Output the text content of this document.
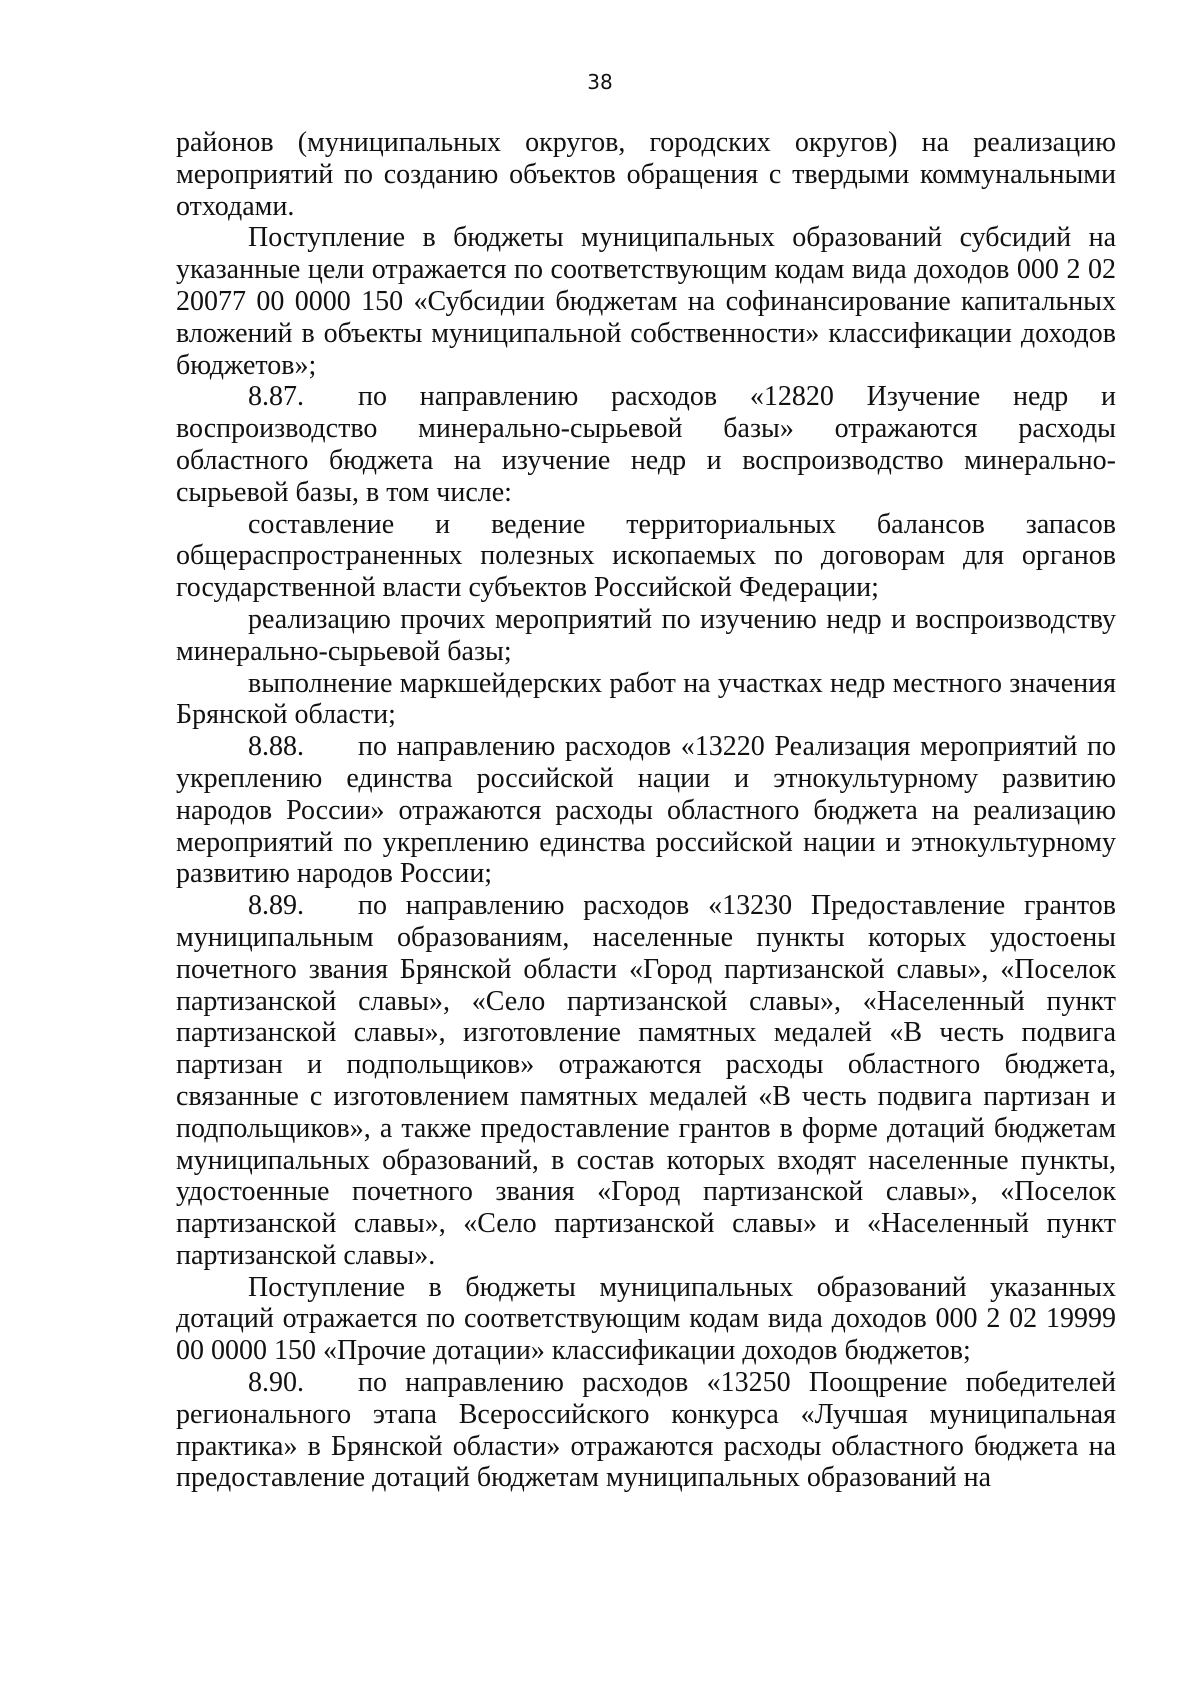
38

районов (муниципальных округов, городских округов) на реализацию мероприятий по созданию объектов обращения с твердыми коммунальными отходами.

Поступление в бюджеты муниципальных образований субсидий на указанные цели отражается по соответствующим кодам вида доходов 000 2 02 20077 00 0000 150 «Субсидии бюджетам на софинансирование капитальных вложений в объекты муниципальной собственности» классификации доходов бюджетов»;

8.87. по направлению расходов «12820 Изучение недр и воспроизводство минерально-сырьевой базы» отражаются расходы областного бюджета на изучение недр и воспроизводство минерально-сырьевой базы, в том числе:

составление и ведение территориальных балансов запасов общераспространенных полезных ископаемых по договорам для органов государственной власти субъектов Российской Федерации;

реализацию прочих мероприятий по изучению недр и воспроизводству минерально-сырьевой базы;

выполнение маркшейдерских работ на участках недр местного значения Брянской области;

8.88. по направлению расходов «13220 Реализация мероприятий по укреплению единства российской нации и этнокультурному развитию народов России» отражаются расходы областного бюджета на реализацию мероприятий по укреплению единства российской нации и этнокультурному развитию народов России;

8.89. по направлению расходов «13230 Предоставление грантов муниципальным образованиям, населенные пункты которых удостоены почетного звания Брянской области «Город партизанской славы», «Поселок партизанской славы», «Село партизанской славы», «Населенный пункт партизанской славы», изготовление памятных медалей «В честь подвига партизан и подпольщиков» отражаются расходы областного бюджета, связанные с изготовлением памятных медалей «В честь подвига партизан и подпольщиков», а также предоставление грантов в форме дотаций бюджетам муниципальных образований, в состав которых входят населенные пункты, удостоенные почетного звания «Город партизанской славы», «Поселок партизанской славы», «Село партизанской славы» и «Населенный пункт партизанской славы».

Поступление в бюджеты муниципальных образований указанных дотаций отражается по соответствующим кодам вида доходов 000 2 02 19999 00 0000 150 «Прочие дотации» классификации доходов бюджетов;

8.90. по направлению расходов «13250 Поощрение победителей регионального этапа Всероссийского конкурса «Лучшая муниципальная практика» в Брянской области» отражаются расходы областного бюджета на предоставление дотаций бюджетам муниципальных образований на
